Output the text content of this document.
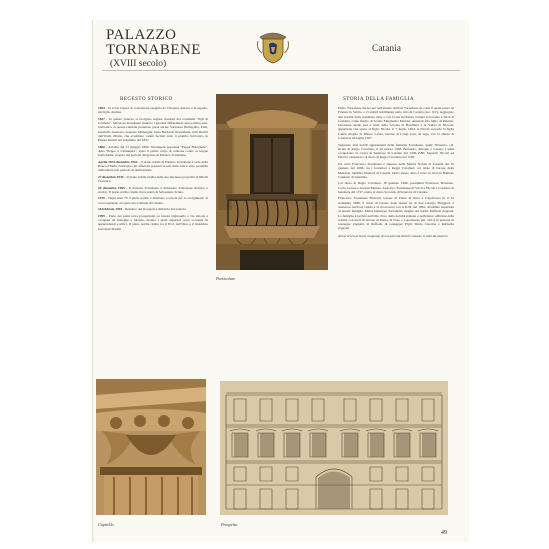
PALAZZO
TORNABENE
(XVIII secolo)
Catania
REGESTO STORICO

1694 - Si avvia l'opera di costruzione eseguita da Vincenzo Amato, e in seguito, dal figlio Andrea.

1837 - In questo palazzo si svolgono segrete riunioni dei cosiddetti "figli di Carmela". Salvatore Tornabene riunisce i giovani diffondendo una politica anti-borbonica. A queste riunioni prendono parte anche: Salvatore Barbagallo, Patti, Guadalfo Guerrera, Gaetano Mazzaglia, Gian Bernardo Pessalbene, tutti martiri dell'Unità d'Italia, che avrebbero caduti fucilati sotto il piombo borbonico in Piazza martiri nel settembre del 1837.

1860 - All'alba del 31 maggio 1860, l'irrompere popolana "Peppa Bolognese", detta "Peppa a' Cannunera", spara il primo colpo di cannone contro le truppe borboniche, proprio dal portone d'ingresso di Palazzo Tornabene.

Aprile 1872-dicembre 1902 - Il piano nobile di Palazzo Tornabene è sede della Banca d'Italia. Attraverso gli affreschi presenti in uno delle sale è stato possibile individuare tale periodo di destinazione.

27 dicembre 1939 - Il piano nobile risulta nelle sue interessa proprietà di Micali Currenca.

26 dicembre 1965 - Il Palazzo Tornabene è dichiarato d'interesse artistico e storico. Il piano nobile risulta di proprietà di Sebastiano Sciuto.

1970 - Negli anni '70 il piano nobile è destinato a scuola per lo svolgimento di corsi regionali, ad opera del Comune di Catania.

18 febbraio 1994 - Restauro dei prospetti e dell'atrio del palazzo.

1999 - Parte dei piani terra prospicienti su piazza Ognissella e via Onoda è occupata da botteghe e birrerie, mentre i piani superiori sono occupati da appartamenti e uffici. Il piano nobile risulta tra il Prof. dell'Osso e il musicista Giovanni Roselli.

Particolare.
STORIA DELLA FAMIGLIA

Pietro Tornabene deriva per nell'attuale dell'iste Tornabeni, fu colui il quale passò da Firenze in Sicilia, e vi stabilì nobilmente nella città di Catania (sec. XV). Aggregato alla nobiltà della residenza città, e con la sua ricchezza compra la baronia e Terra di Castania, come marito di Grazia Margherita Paternò. Antenati alla figlio di Paternò, baronessa anche essi e titoli della baronia di Bonfitera e la Salina di Nicosia, appartiene che passa al figlio Nicolò, il 7 luglio 1494. A Nicolò succede la figlia Laurie moglie di Blasco Lanza, barone di Longi (ove, in lega, con la chiesa di Catania il 26 luglio 1507.

Segurono altri nobili appartenenti della famiglia Tornabene, quali: Silvestro, cel. siculo di Regio Cavaliere, il 22 marzo 1508, Bernardo, Antonio e Cesare, i quali occuparono la carica di Senatore di Catania dal 1509-1580; Saporito Nicolò ed Ottavio ottenendo col titolo di Regio Cavaliere nel 1590.

Un certo Francesco Tornabene è annesso nella Mastra Nobile di Catania dal 16 gennaio del 1696, tra i fondatori a Reggi Cavalieri, col titolo di barone della Mendola, membri Senatori di Catania. Dello stesso anno e terre su Giovan Battista, Capitano di Giustizia.

Col titolo di Regio Cavaliere, 18 gennaio 1696, presidenti Francesco Bonanno, Carlo, Cesare e Giovan Battista. Ludovico Tornabene di Scicli e Nicola e Capitano di Giustizia del 1727, eletto al dazio Secondo di Senatore di Catania.

Francesco Tornabene Bruscali, barone di Pietre di Nero e Capomossa fu il 12 settembre 1688, il titolo di barone della tenute ne di San Giorgio Maggiore è assessore Anch'est Guido e la riconoscen con il D.M. del 1861, all'ultimo superstite di questa famiglia. Maria Giuseppa Tornabene, moglie del nobile Raffaele Zappalà. La famiglia è iscritta nell'albo d'oro della nobiltà italiana e nell'elenco ufficiale della nobiltà con titoli di barone di Pietra, di Noto e Capomezzo (en. 1911) in persona di Giuseppe Zappalà, di Raffaele di Giuseppe; Figli: Maria Caterina e Raffaella Zappalà.

Arma: d'oro al leone rampante di una piccola dicarte ramato, il tutto da azzurro.

Capitello.	Prospetto.
49
